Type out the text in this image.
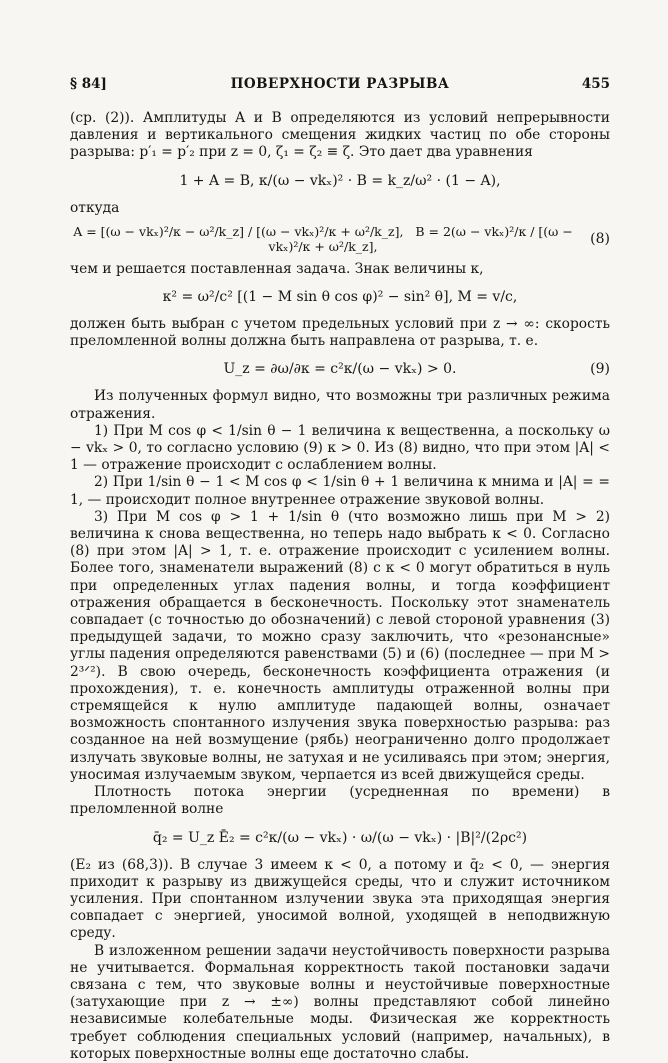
§ 84]	ПОВЕРХНОСТИ РАЗРЫВА	455

(ср. (2)). Амплитуды A и B определяются из условий непрерывности давления и вертикального смещения жидких частиц по обе стороны разрыва: p′₁ = p′₂ при z = 0, ζ₁ = ζ₂ ≡ ζ. Это дает два уравнения

1 + A = B, κ/(ω − vkₓ)² · B = k_z/ω² · (1 − A),

откуда

A = [(ω − vkₓ)²/κ − ω²/k_z] / [(ω − vkₓ)²/κ + ω²/k_z], B = 2(ω − vkₓ)²/κ / [(ω − vkₓ)²/κ + ω²/k_z],	(8)

чем и решается поставленная задача. Знак величины κ,

κ² = ω²/c² [(1 − M sin θ cos φ)² − sin² θ], M = v/c,

должен быть выбран с учетом предельных условий при z → ∞: скорость преломленной волны должна быть направлена от разрыва, т. е.

U_z = ∂ω/∂κ = c²κ/(ω − vkₓ) > 0.	(9)

Из полученных формул видно, что возможны три различных режима отражения.

1) При M cos φ < 1/sin θ − 1 величина κ вещественна, а поскольку ω − vkₓ > 0, то согласно условию (9) κ > 0. Из (8) видно, что при этом |A| < 1 — отражение происходит с ослаблением волны.

2) При 1/sin θ − 1 < M cos φ < 1/sin θ + 1 величина κ мнима и |A| = = 1, — происходит полное внутреннее отражение звуковой волны.

3) При M cos φ > 1 + 1/sin θ (что возможно лишь при M > 2) величина κ снова вещественна, но теперь надо выбрать κ < 0. Согласно (8) при этом |A| > 1, т. е. отражение происходит с усилением волны. Более того, знаменатели выражений (8) с κ < 0 могут обратиться в нуль при определенных углах падения волны, и тогда коэффициент отражения обращается в бесконечность. Поскольку этот знаменатель совпадает (с точностью до обозначений) с левой стороной уравнения (3) предыдущей задачи, то можно сразу заключить, что «резонансные» углы падения определяются равенствами (5) и (6) (последнее — при M > 2³ᐟ²). В свою очередь, бесконечность коэффициента отражения (и прохождения), т. е. конечность амплитуды отраженной волны при стремящейся к нулю амплитуде падающей волны, означает возможность спонтанного излучения звука поверхностью разрыва: раз созданное на ней возмущение (рябь) неограниченно долго продолжает излучать звуковые волны, не затухая и не усиливаясь при этом; энергия, уносимая излучаемым звуком, черпается из всей движущейся среды.

Плотность потока энергии (усредненная по времени) в преломленной волне

q̄₂ = U_z Ē₂ = c²κ/(ω − vkₓ) · ω/(ω − vkₓ) · |B|²/(2ρc²)

(E₂ из (68,3)). В случае 3 имеем κ < 0, а потому и q̄₂ < 0, — энергия приходит к разрыву из движущейся среды, что и служит источником усиления. При спонтанном излучении звука эта приходящая энергия совпадает с энергией, уносимой волной, уходящей в неподвижную среду.

В изложенном решении задачи неустойчивость поверхности разрыва не учитывается. Формальная корректность такой постановки задачи связана с тем, что звуковые волны и неустойчивые поверхностные (затухающие при z → ±∞) волны представляют собой линейно независимые колебательные моды. Физическая же корректность требует соблюдения специальных условий (например, начальных), в которых поверхностные волны еще достаточно слабы.
